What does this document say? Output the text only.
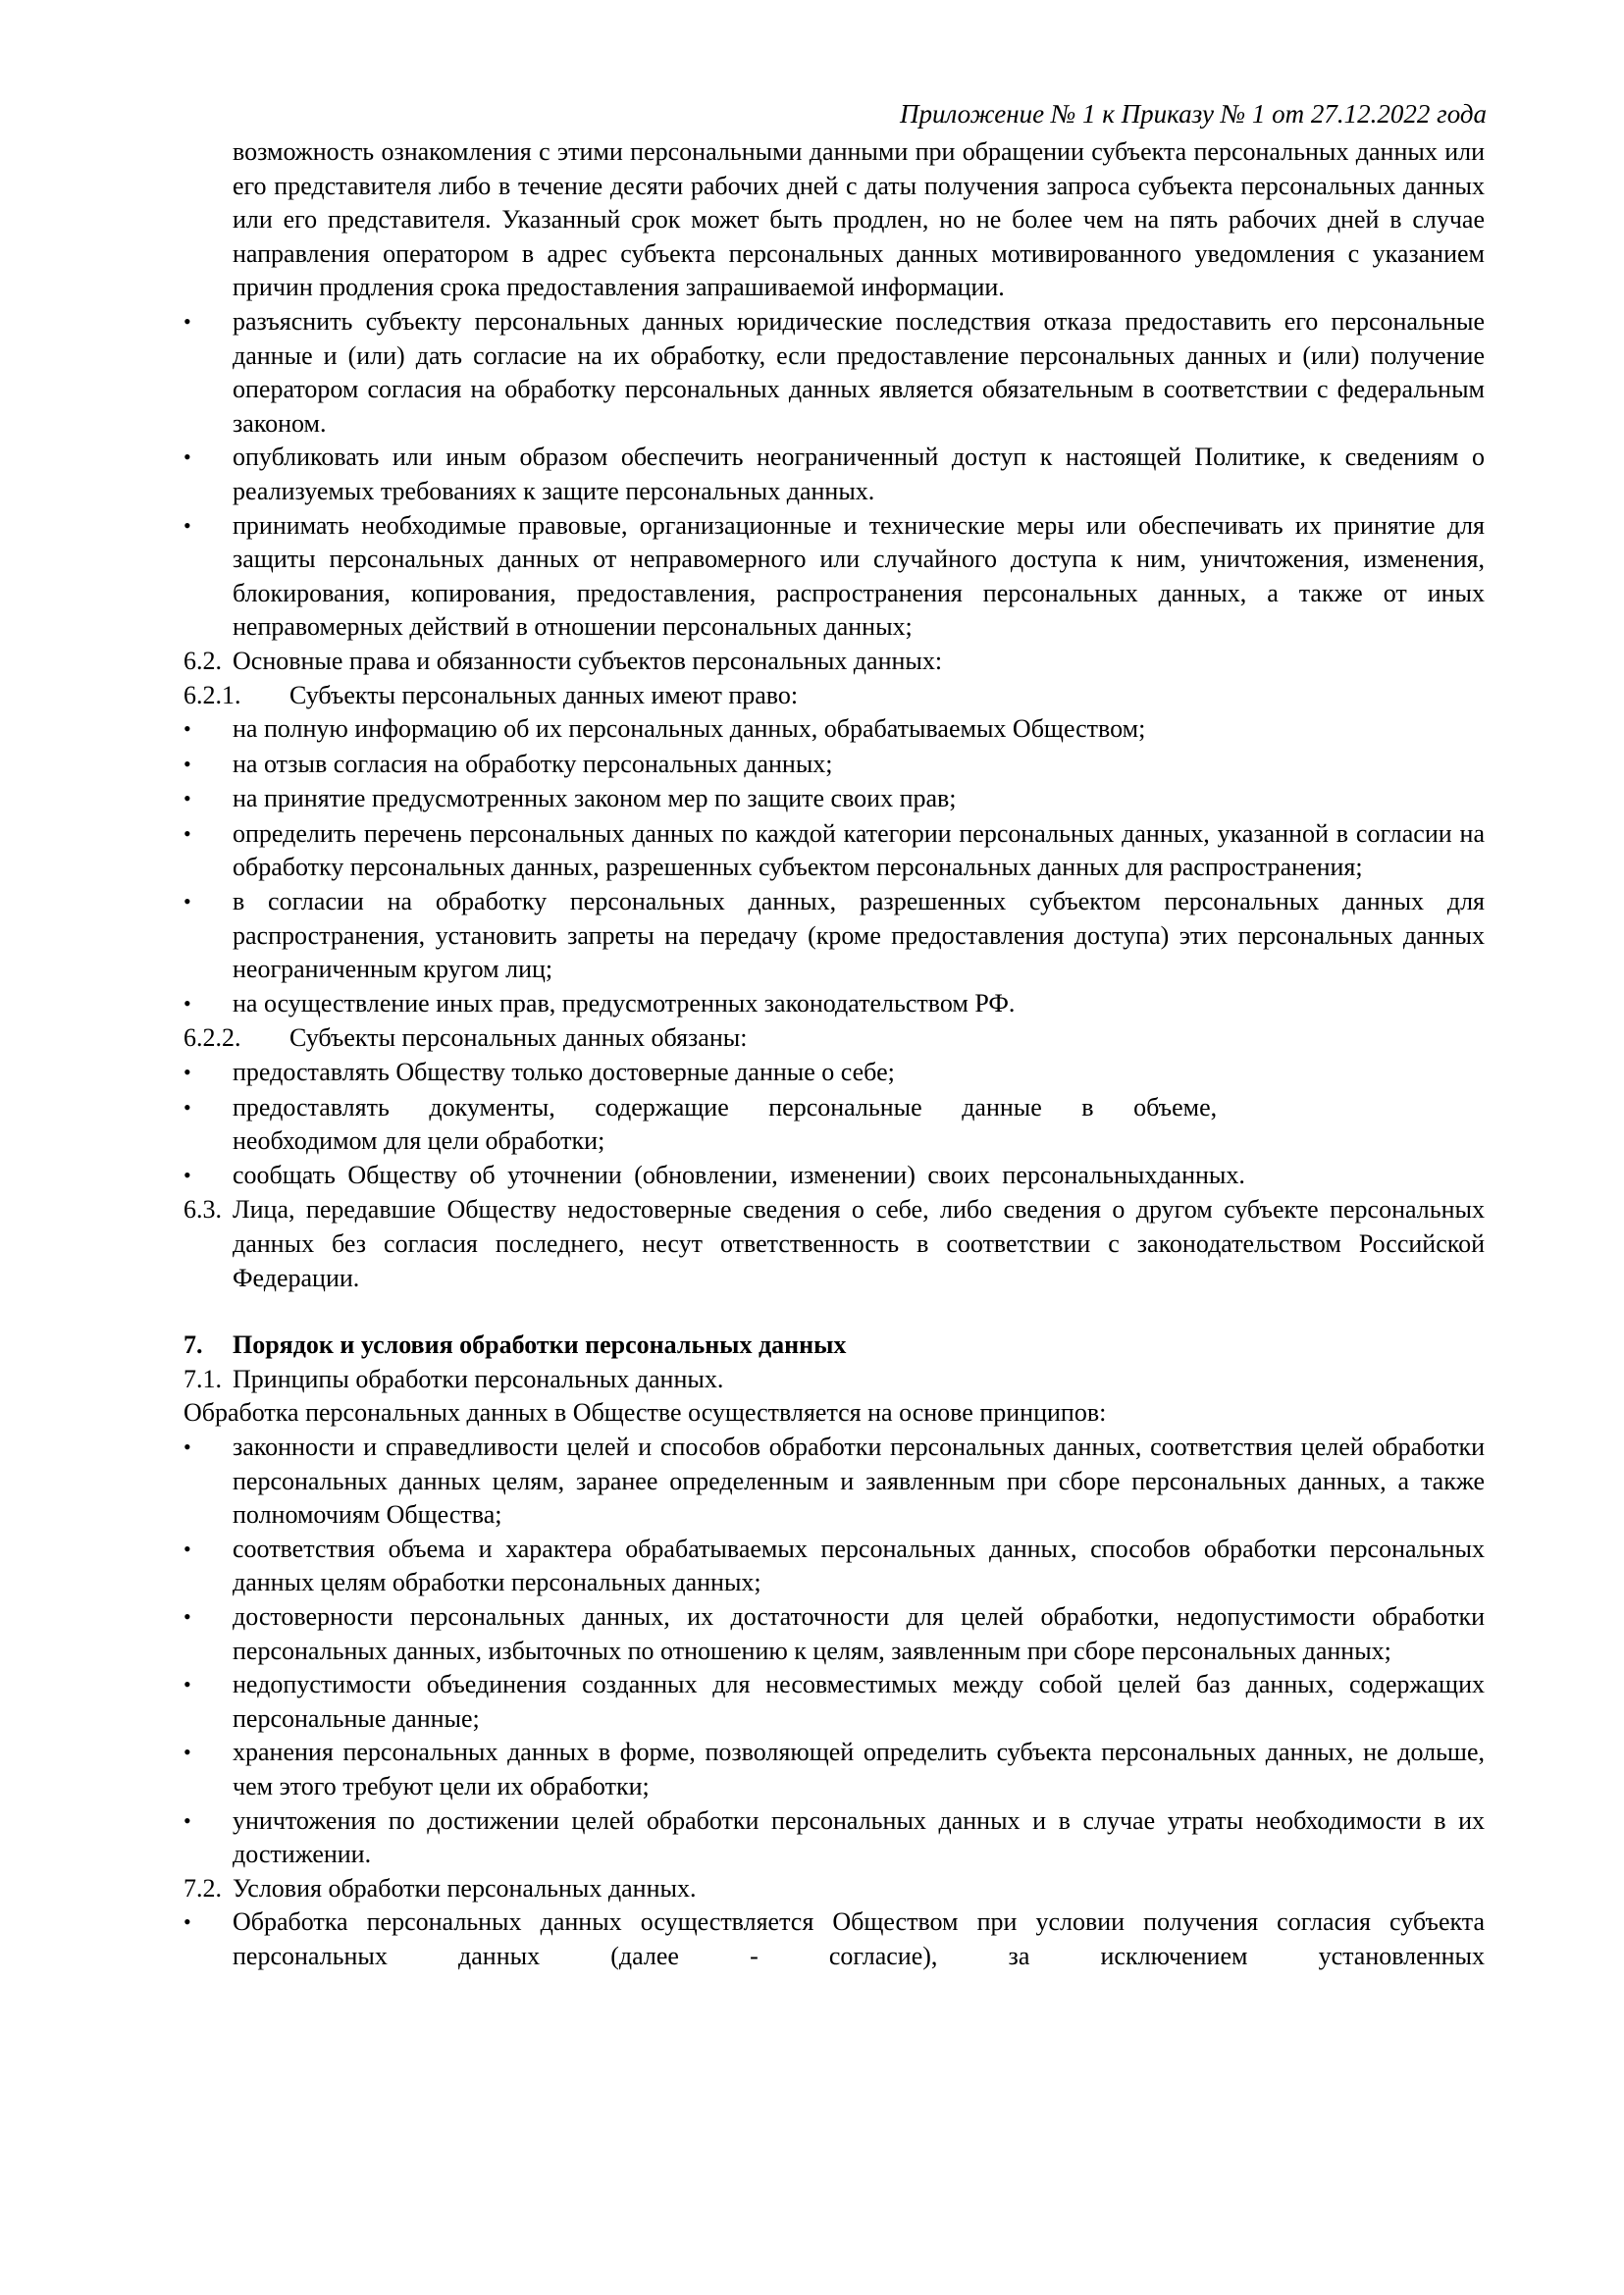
Приложение № 1 к Приказу № 1 от 27.12.2022 года
возможность ознакомления с этими персональными данными при обращении субъекта персональных данных или его представителя либо в течение десяти рабочих дней с даты получения запроса субъекта персональных данных или его представителя. Указанный срок может быть продлен, но не более чем на пять рабочих дней в случае направления оператором в адрес субъекта персональных данных мотивированного уведомления с указанием причин продления срока предоставления запрашиваемой информации.
•	разъяснить субъекту персональных данных юридические последствия отказа предоставить его персональные данные и (или) дать согласие на их обработку, если предоставление персональных данных и (или) получение оператором согласия на обработку персональных данных является обязательным в соответствии с федеральным законом.
•	опубликовать или иным образом обеспечить неограниченный доступ к настоящей Политике, к сведениям о реализуемых требованиях к защите персональных данных.
•	принимать необходимые правовые, организационные и технические меры или обеспечивать их принятие для защиты персональных данных от неправомерного или случайного доступа к ним, уничтожения, изменения, блокирования, копирования, предоставления, распространения персональных данных, а также от иных неправомерных действий в отношении персональных данных;
6.2. Основные права и обязанности субъектов персональных данных:
6.2.1.	Субъекты персональных данных имеют право:
•	на полную информацию об их персональных данных, обрабатываемых Обществом;
•	на отзыв согласия на обработку персональных данных;
•	на принятие предусмотренных законом мер по защите своих прав;
•	определить перечень персональных данных по каждой категории персональных данных, указанной в согласии на обработку персональных данных, разрешенных субъектом персональных данных для распространения;
•	в согласии на обработку персональных данных, разрешенных субъектом персональных данных для распространения, установить запреты на передачу (кроме предоставления доступа) этих персональных данных неограниченным кругом лиц;
•	на осуществление иных прав, предусмотренных законодательством РФ.
6.2.2.	Субъекты персональных данных обязаны:
•	предоставлять Обществу только достоверные данные о себе;
•	предоставлять документы, содержащие персональные данные в объеме,
необходимом для цели обработки;
•	сообщать Обществу об уточнении (обновлении, изменении) своих персональныхданных.
6.3. Лица, передавшие Обществу недостоверные сведения о себе, либо сведения о другом субъекте персональных данных без согласия последнего, несут ответственность в соответствии с законодательством Российской Федерации.
7.	Порядок и условия обработки персональных данных
7.1. Принципы обработки персональных данных.
Обработка персональных данных в Обществе осуществляется на основе принципов:
•	законности и справедливости целей и способов обработки персональных данных, соответствия целей обработки персональных данных целям, заранее определенным и заявленным при сборе персональных данных, а также полномочиям Общества;
•	соответствия объема и характера обрабатываемых персональных данных, способов обработки персональных данных целям обработки персональных данных;
•	достоверности персональных данных, их достаточности для целей обработки, недопустимости обработки персональных данных, избыточных по отношению к целям, заявленным при сборе персональных данных;
•	недопустимости объединения созданных для несовместимых между собой целей баз данных, содержащих персональные данные;
•	хранения персональных данных в форме, позволяющей определить субъекта персональных данных, не дольше, чем этого требуют цели их обработки;
•	уничтожения по достижении целей обработки персональных данных и в случае утраты необходимости в их достижении.
7.2. Условия обработки персональных данных.
•	Обработка персональных данных осуществляется Обществом при условии получения согласия субъекта персональных данных (далее - согласие), за исключением установленных
